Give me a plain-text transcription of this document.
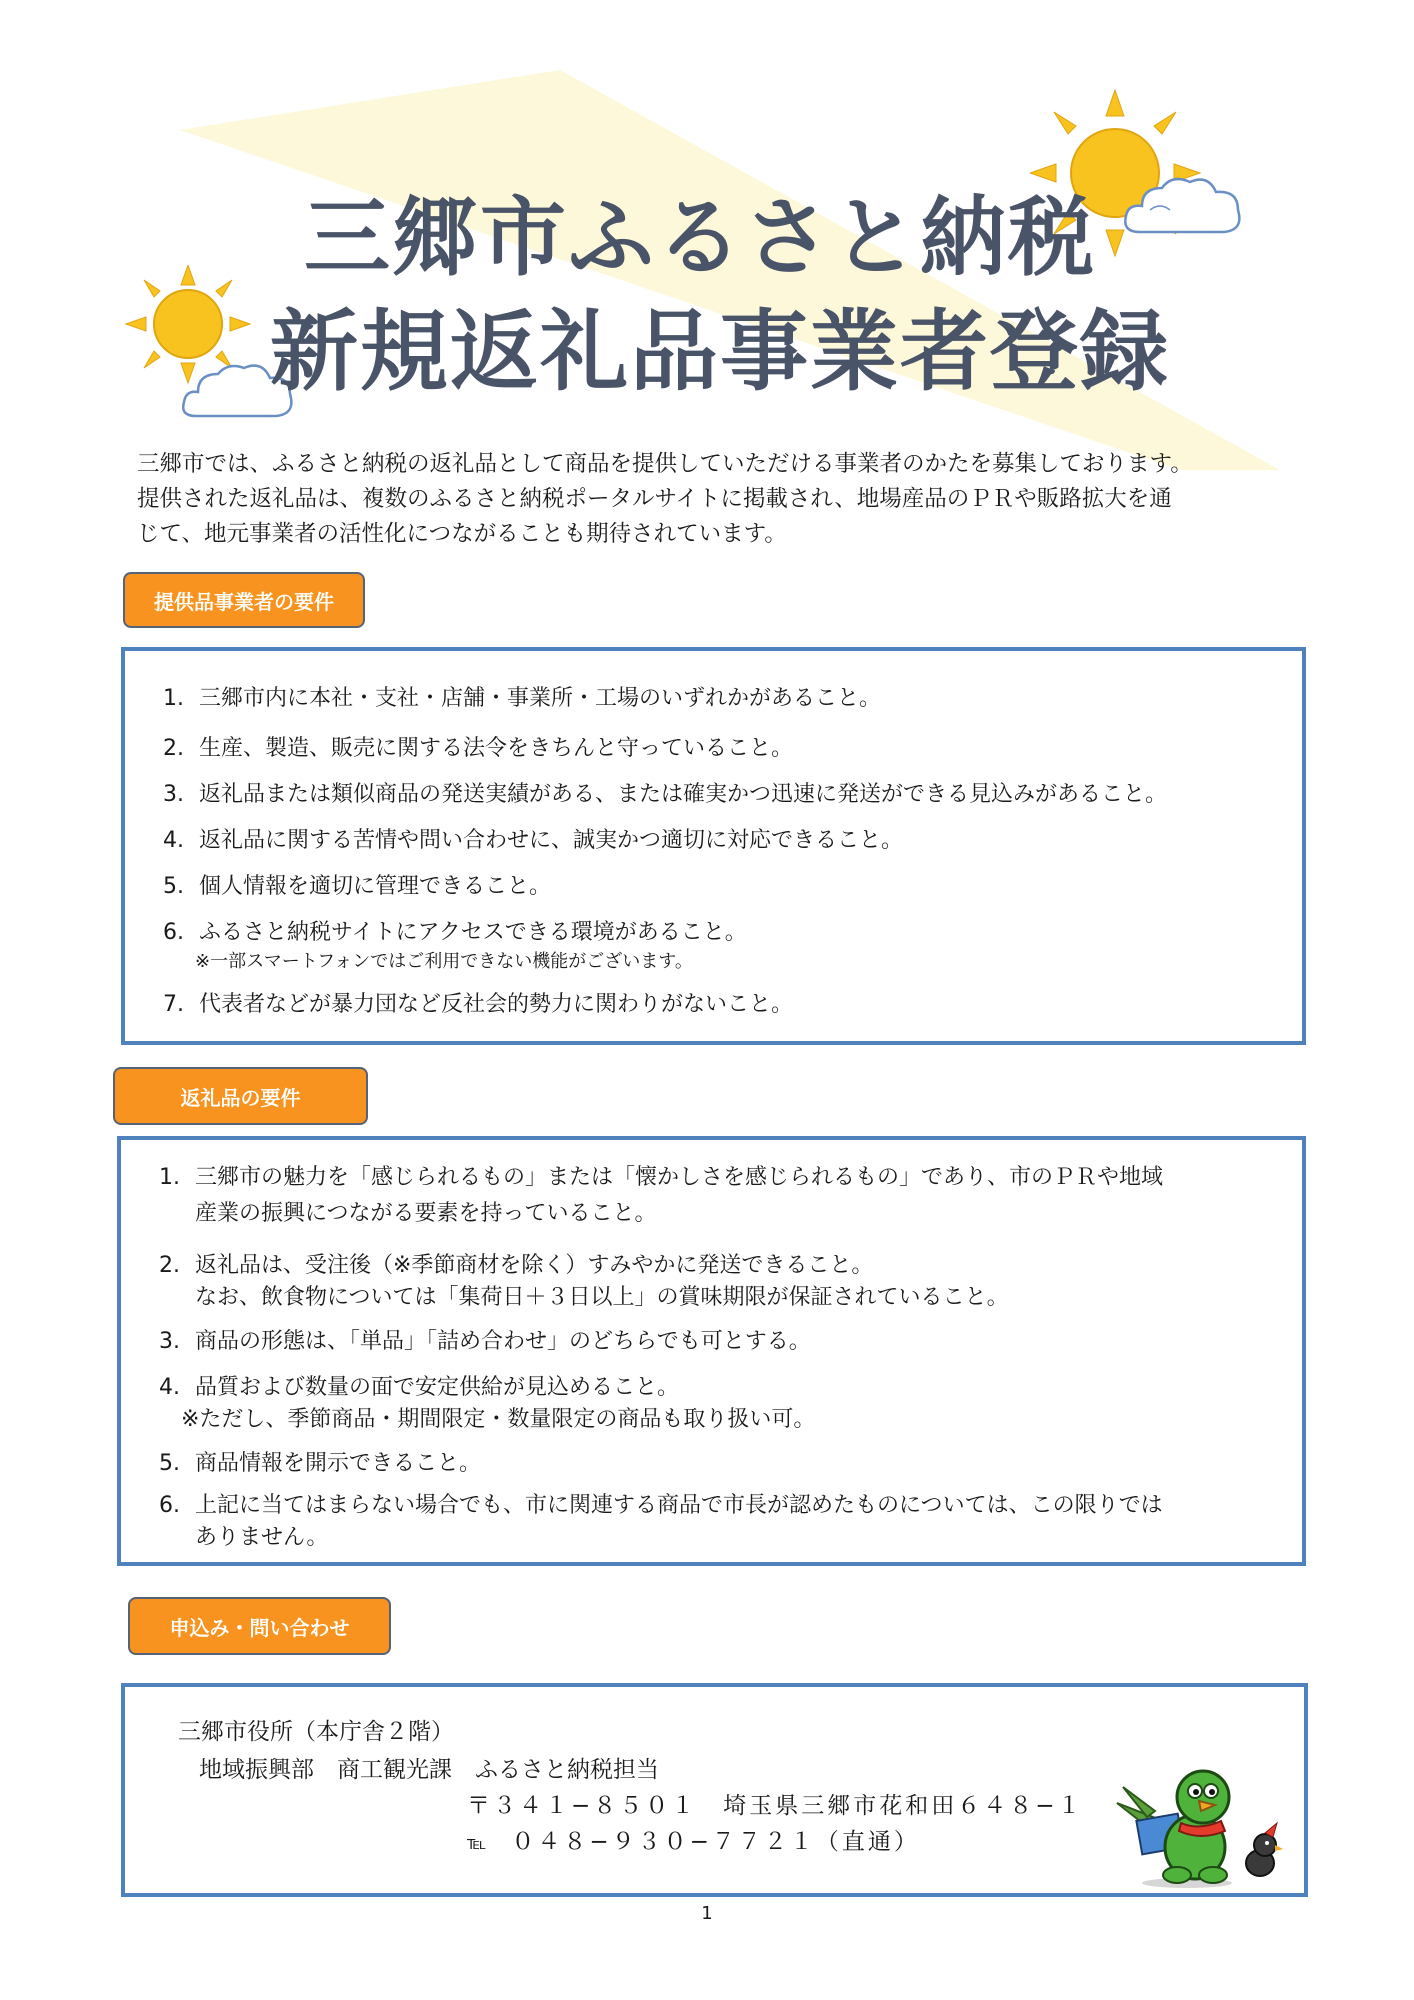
三郷市ふるさと納税
新規返礼品事業者登録

三郷市では、ふるさと納税の返礼品として商品を提供していただける事業者のかたを募集しております。

提供された返礼品は、複数のふるさと納税ポータルサイトに掲載され、地場産品のＰＲや販路拡大を通

じて、地元事業者の活性化につながることも期待されています。

提供品事業者の要件
1. 三郷市内に本社・支社・店舗・事業所・工場のいずれかがあること。
2. 生産、製造、販売に関する法令をきちんと守っていること。
3. 返礼品または類似商品の発送実績がある、または確実かつ迅速に発送ができる見込みがあること。
4. 返礼品に関する苦情や問い合わせに、誠実かつ適切に対応できること。
5. 個人情報を適切に管理できること。
6. ふるさと納税サイトにアクセスできる環境があること。
※一部スマートフォンではご利用できない機能がございます。
7. 代表者などが暴力団など反社会的勢力に関わりがないこと。
返礼品の要件
1. 三郷市の魅力を「感じられるもの」または「懐かしさを感じられるもの」であり、市のＰＲや地域
産業の振興につながる要素を持っていること。
2. 返礼品は、受注後（※季節商材を除く）すみやかに発送できること。
なお、飲食物については「集荷日＋３日以上」の賞味期限が保証されていること。
3. 商品の形態は、「単品」「詰め合わせ」のどちらでも可とする。
4. 品質および数量の面で安定供給が見込めること。
※ただし、季節商品・期間限定・数量限定の商品も取り扱い可。
5. 商品情報を開示できること。
6. 上記に当てはまらない場合でも、市に関連する商品で市長が認めたものについては、この限りでは
ありません。
申込み・問い合わせ
三郷市役所（本庁舎２階）
地域振興部　商工観光課　ふるさと納税担当
〒３４１−８５０１　埼玉県三郷市花和田６４８−１
℡ ０４８−９３０−７７２１（直通）
1
